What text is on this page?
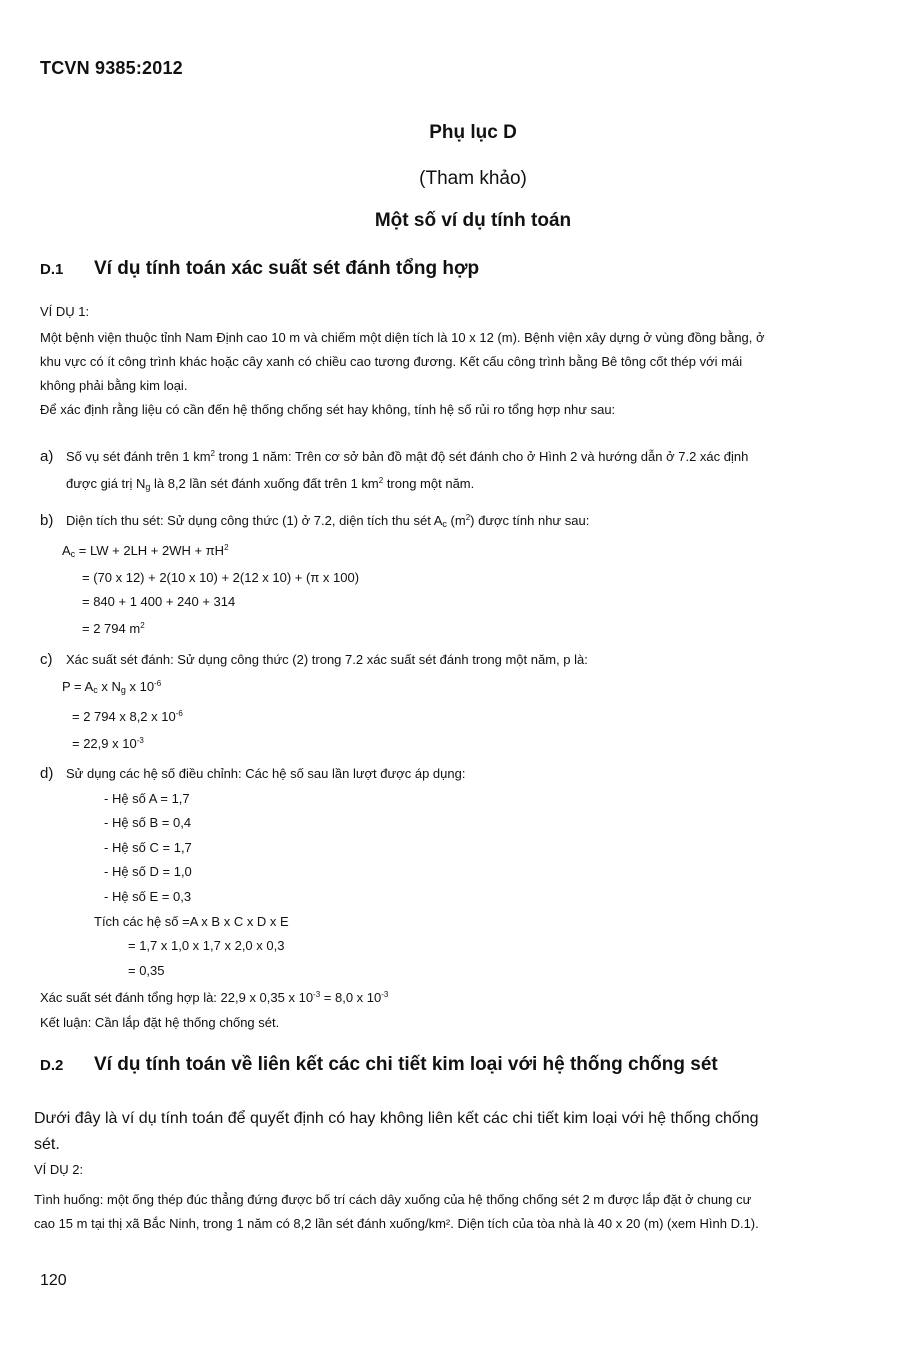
TCVN 9385:2012
Phụ lục D
(Tham khảo)
Một số ví dụ tính toán
D.1 Ví dụ tính toán xác suất sét đánh tổng hợp
VÍ DỤ 1:
Một bệnh viện thuộc tỉnh Nam Định cao 10 m và chiếm một diện tích là 10 x 12 (m). Bệnh viện xây dựng ở vùng đồng bằng, ở
khu vực có ít công trình khác hoặc cây xanh có chiều cao tương đương. Kết cấu công trình bằng Bê tông cốt thép với mái
không phải bằng kim loại.
Để xác định rằng liệu có cần đến hệ thống chống sét hay không, tính hệ số rủi ro tổng hợp như sau:
a) Số vụ sét đánh trên 1 $km^2$ trong 1 năm: Trên cơ sở bản đồ mật độ sét đánh cho ở Hình 2 và hướng dẫn ở 7.2 xác định
được giá trị $N_g$ là 8,2 lần sét đánh xuống đất trên 1 $km^2$ trong một năm.
b) Diện tích thu sét: Sử dụng công thức (1) ở 7.2, diện tích thu sét $A_c$ $(m^2)$ được tính như sau:
$A_c$ = LW + $2LH + 2WH + \pi H^2$
= (70 x 12) + 2(10 x 10) + 2(12 x 10) + (π x 100)
= 840 + 1 400 + 240 + 314
= 2 794 $m^2$
c) Xác suất sét đánh: Sử dụng công thức (2) trong 7.2 xác suất sét đánh trong một năm, p là:
$P = A_c$ x $N_g$ x $10^{-6}$
= 2 794 x 8,2 x $10^{-6}$
= 22,9 x $10^{-3}$
d) Sử dụng các hệ số điều chỉnh: Các hệ số sau lần lượt được áp dụng:
- Hệ số A = 1,7
- Hệ số B = 0,4
- Hệ số C = 1,7
- Hệ số D = 1,0
- Hệ số E = 0,3
Tích các hệ số =A x B x C x D x E
= 1,7 x 1,0 x 1,7 x 2,0 x 0,3
= 0,35
Xác suất sét đánh tổng hợp là: 22,9 x 0,35 x $10^{-3} = 8,0$ x $10^{-3}$
Kết luận: Cần lắp đặt hệ thống chống sét.
D.2 Ví dụ tính toán về liên kết các chi tiết kim loại với hệ thống chống sét
Dưới đây là ví dụ tính toán để quyết định có hay không liên kết các chi tiết kim loại với hệ thống chống
sét.
VÍ DỤ 2:
Tình huống: một ống thép đúc thẳng đứng được bố trí cách dây xuống của hệ thống chống sét 2 m được lắp đặt ở chung cư
cao 15 m tại thị xã Bắc Ninh, trong 1 năm có 8,2 lần sét đánh xuống/km². Diện tích của tòa nhà là 40 x 20 (m) (xem Hình D.1).
120
